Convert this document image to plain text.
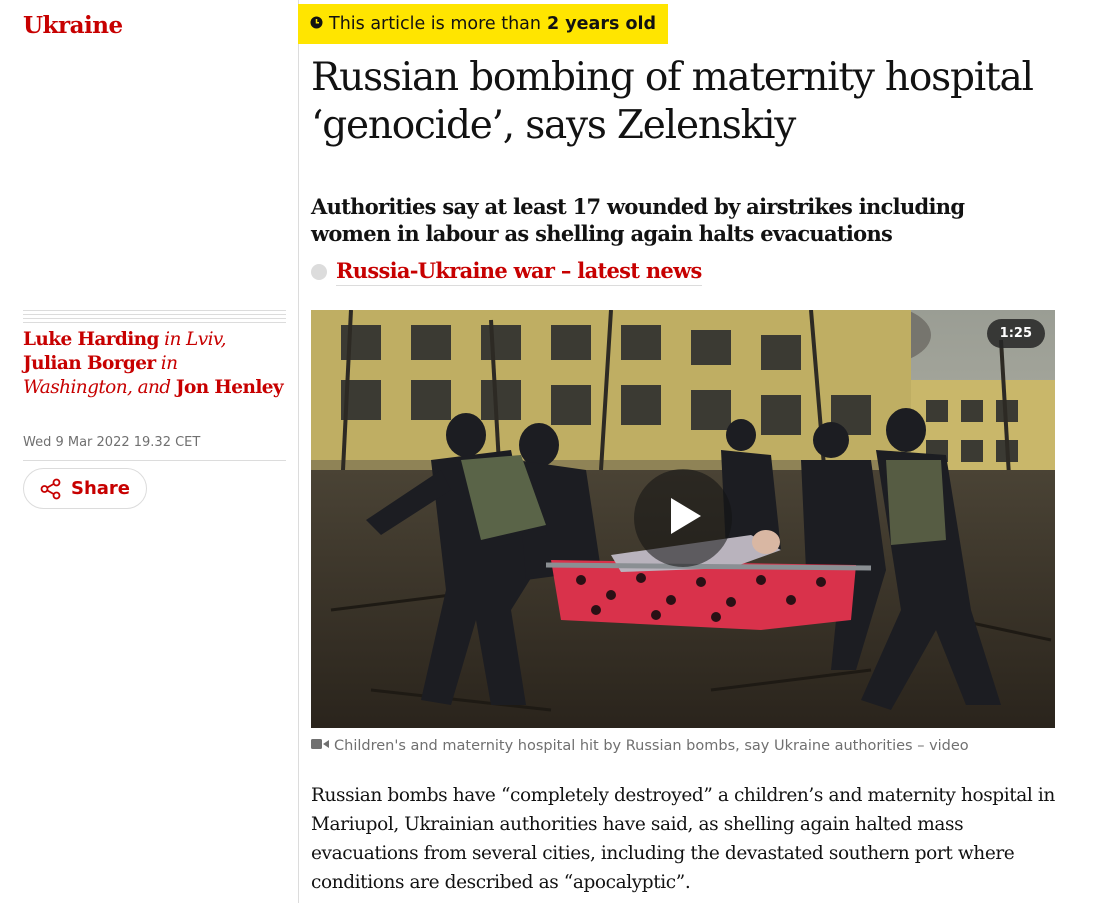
Ukraine
Luke Harding in Lviv,
Julian Borger in Washington, and Jon Henley
Wed 9 Mar 2022 19.32 CET
Share
This article is more than 2 years old
Russian bombing of maternity hospital ‘genocide’, says Zelenskiy

Authorities say at least 17 wounded by airstrikes including women in labour as shelling again halts evacuations

Russia-Ukraine war – latest news
1:25
Children's and maternity hospital hit by Russian bombs, say Ukraine authorities – video

Russian bombs have “completely destroyed” a children’s and maternity hospital in Mariupol, Ukrainian authorities have said, as shelling again halted mass evacuations from several cities, including the devastated southern port where conditions are described as “apocalyptic”.
